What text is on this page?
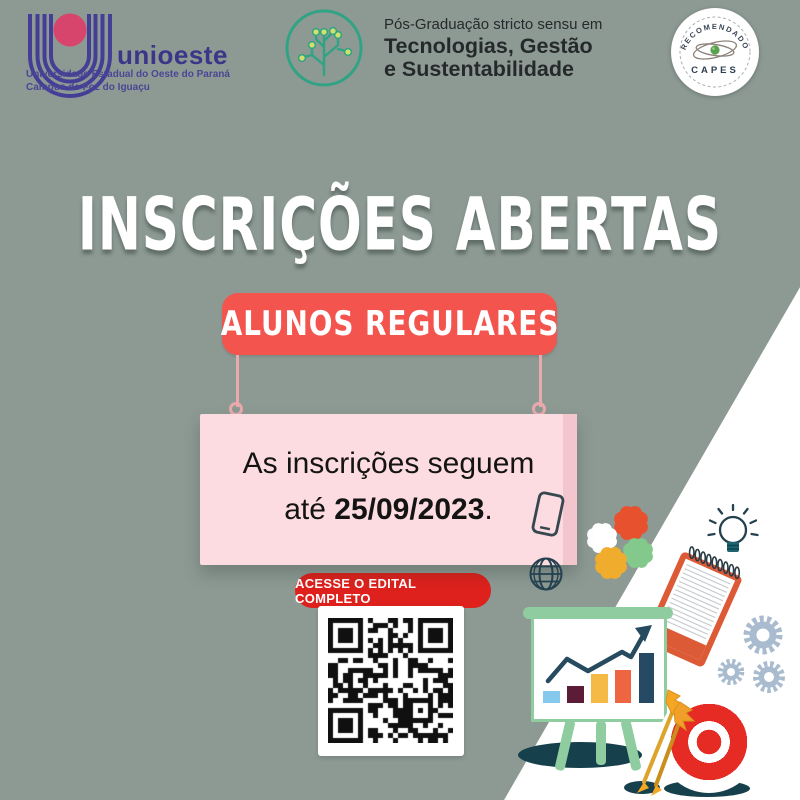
unioeste
Universidade Estadual do Oeste do Paraná
Campus de Foz do Iguaçu
Pós-Graduação stricto sensu em
Tecnologias, Gestão
e Sustentabilidade
RECOMENDADO
CAPES
INSCRIÇÕES ABERTAS
ALUNOS REGULARES
As inscrições seguem
até 25/09/2023.
ACESSE O EDITAL COMPLETO
